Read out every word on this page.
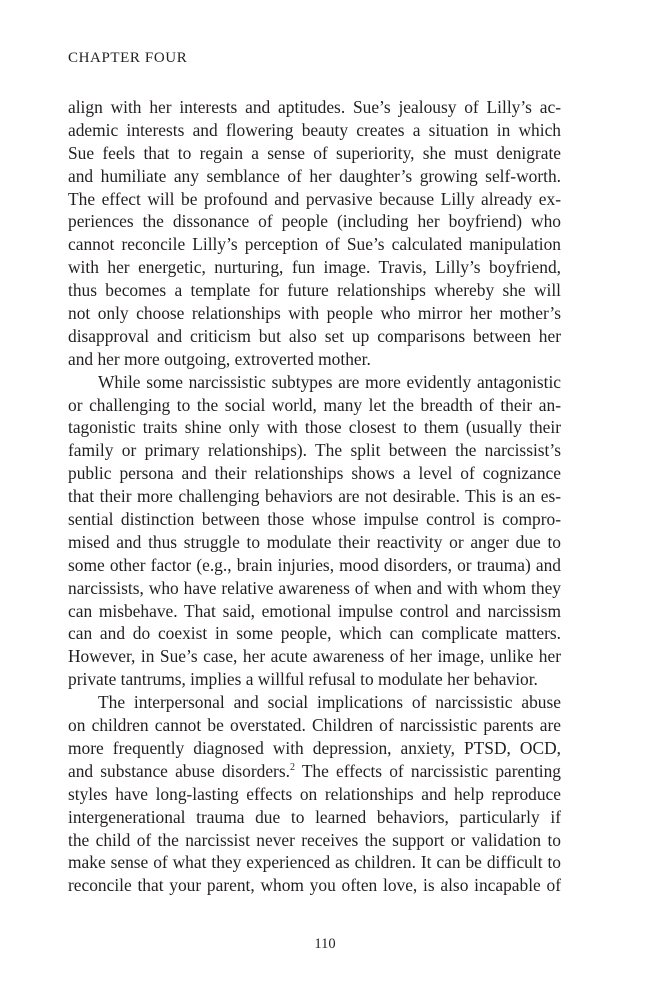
CHAPTER FOUR
align with her interests and aptitudes. Sue’s jealousy of Lilly’s ac-
ademic interests and flowering beauty creates a situation in which
Sue feels that to regain a sense of superiority, she must denigrate
and humiliate any semblance of her daughter’s growing self-worth.
The effect will be profound and pervasive because Lilly already ex-
periences the dissonance of people (including her boyfriend) who
cannot reconcile Lilly’s perception of Sue’s calculated manipulation
with her energetic, nurturing, fun image. Travis, Lilly’s boyfriend,
thus becomes a template for future relationships whereby she will
not only choose relationships with people who mirror her mother’s
disapproval and criticism but also set up comparisons between her
and her more outgoing, extroverted mother.
While some narcissistic subtypes are more evidently antagonistic
or challenging to the social world, many let the breadth of their an-
tagonistic traits shine only with those closest to them (usually their
family or primary relationships). The split between the narcissist’s
public persona and their relationships shows a level of cognizance
that their more challenging behaviors are not desirable. This is an es-
sential distinction between those whose impulse control is compro-
mised and thus struggle to modulate their reactivity or anger due to
some other factor (e.g., brain injuries, mood disorders, or trauma) and
narcissists, who have relative awareness of when and with whom they
can misbehave. That said, emotional impulse control and narcissism
can and do coexist in some people, which can complicate matters.
However, in Sue’s case, her acute awareness of her image, unlike her
private tantrums, implies a willful refusal to modulate her behavior.
The interpersonal and social implications of narcissistic abuse
on children cannot be overstated. Children of narcissistic parents are
more frequently diagnosed with depression, anxiety, PTSD, OCD,
and substance abuse disorders.$^2$ The effects of narcissistic parenting
styles have long-lasting effects on relationships and help reproduce
intergenerational trauma due to learned behaviors, particularly if
the child of the narcissist never receives the support or validation to
make sense of what they experienced as children. It can be difficult to
reconcile that your parent, whom you often love, is also incapable of
110
